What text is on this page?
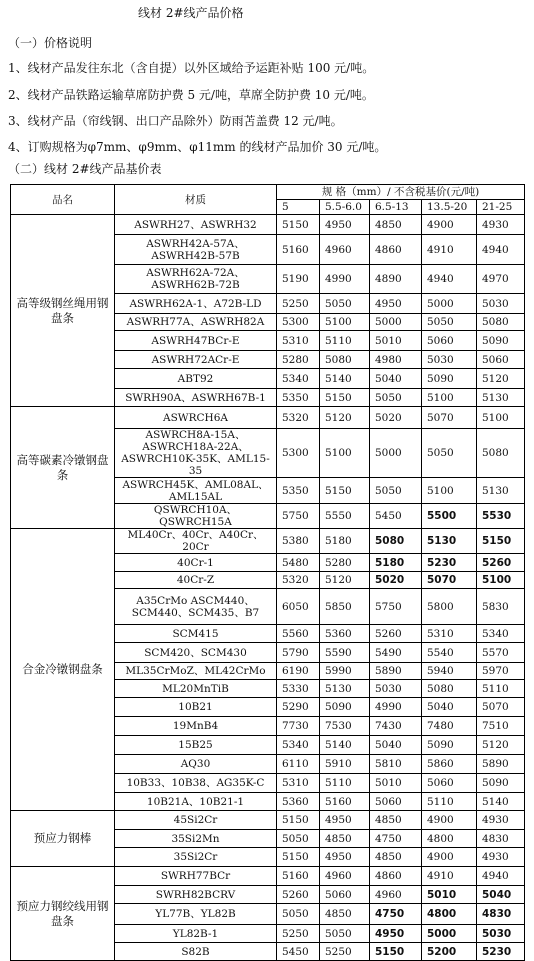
线材 2#线产品价格
（一）价格说明
1、线材产品发往东北（含自提）以外区域给予运距补贴 100 元/吨。
2、线材产品铁路运输草席防护费 5 元/吨，草席全防护费 10 元/吨。
3、线材产品（帘线钢、出口产品除外）防雨苫盖费 12 元/吨。
4、订购规格为φ7mm、φ9mm、φ11mm 的线材产品加价 30 元/吨。
（二）线材 2#线产品基价表
品名	材质	规 格（mm）/ 不含税基价(元/吨)				
		5	5.5-6.0	6.5-13	13.5-20	21-25
高等级钢丝绳用钢盘条	ASWRH27、ASWRH32	5150	4950	4850	4900	4930
	ASWRH42A-57A、ASWRH42B-57B	5160	4960	4860	4910	4940
	ASWRH62A-72A、ASWRH62B-72B	5190	4990	4890	4940	4970
	ASWRH62A-1、A72B-LD	5250	5050	4950	5000	5030
	ASWRH77A、ASWRH82A	5300	5100	5000	5050	5080
	ASWRH47BCr-E	5310	5110	5010	5060	5090
	ASWRH72ACr-E	5280	5080	4980	5030	5060
	ABT92	5340	5140	5040	5090	5120
	SWRH90A、ASWRH67B-1	5350	5150	5050	5100	5130
高等碳素冷镦钢盘条	ASWRCH6A	5320	5120	5020	5070	5100
	ASWRCH8A-15A、ASWRCH18A-22A、ASWRCH10K-35K、AML15-35	5300	5100	5000	5050	5080
	ASWRCH45K、AML08AL、AML15AL	5350	5150	5050	5100	5130
	QSWRCH10A、QSWRCH15A	5750	5550	5450	5500	5530
合金冷镦钢盘条	ML40Cr、40Cr、A40Cr、20Cr	5380	5180	5080	5130	5150
	40Cr-1	5480	5280	5180	5230	5260
	40Cr-Z	5320	5120	5020	5070	5100
	A35CrMo ASCM440、SCM440、SCM435、B7	6050	5850	5750	5800	5830
	SCM415	5560	5360	5260	5310	5340
	SCM420、SCM430	5790	5590	5490	5540	5570
	ML35CrMoZ、ML42CrMo	6190	5990	5890	5940	5970
	ML20MnTiB	5330	5130	5030	5080	5110
	10B21	5290	5090	4990	5040	5070
	19MnB4	7730	7530	7430	7480	7510
	15B25	5340	5140	5040	5090	5120
	AQ30	6110	5910	5810	5860	5890
	10B33、10B38、AG35K-C	5310	5110	5010	5060	5090
	10B21A、10B21-1	5360	5160	5060	5110	5140
预应力钢棒	45Si2Cr	5150	4950	4850	4900	4930
	35Si2Mn	5050	4850	4750	4800	4830
	35Si2Cr	5150	4950	4850	4900	4930
预应力钢绞线用钢盘条	SWRH77BCr	5160	4960	4860	4910	4940
	SWRH82BCRV	5260	5060	4960	5010	5040
	YL77B、YL82B	5050	4850	4750	4800	4830
	YL82B-1	5250	5050	4950	5000	5030
	S82B	5450	5250	5150	5200	5230
